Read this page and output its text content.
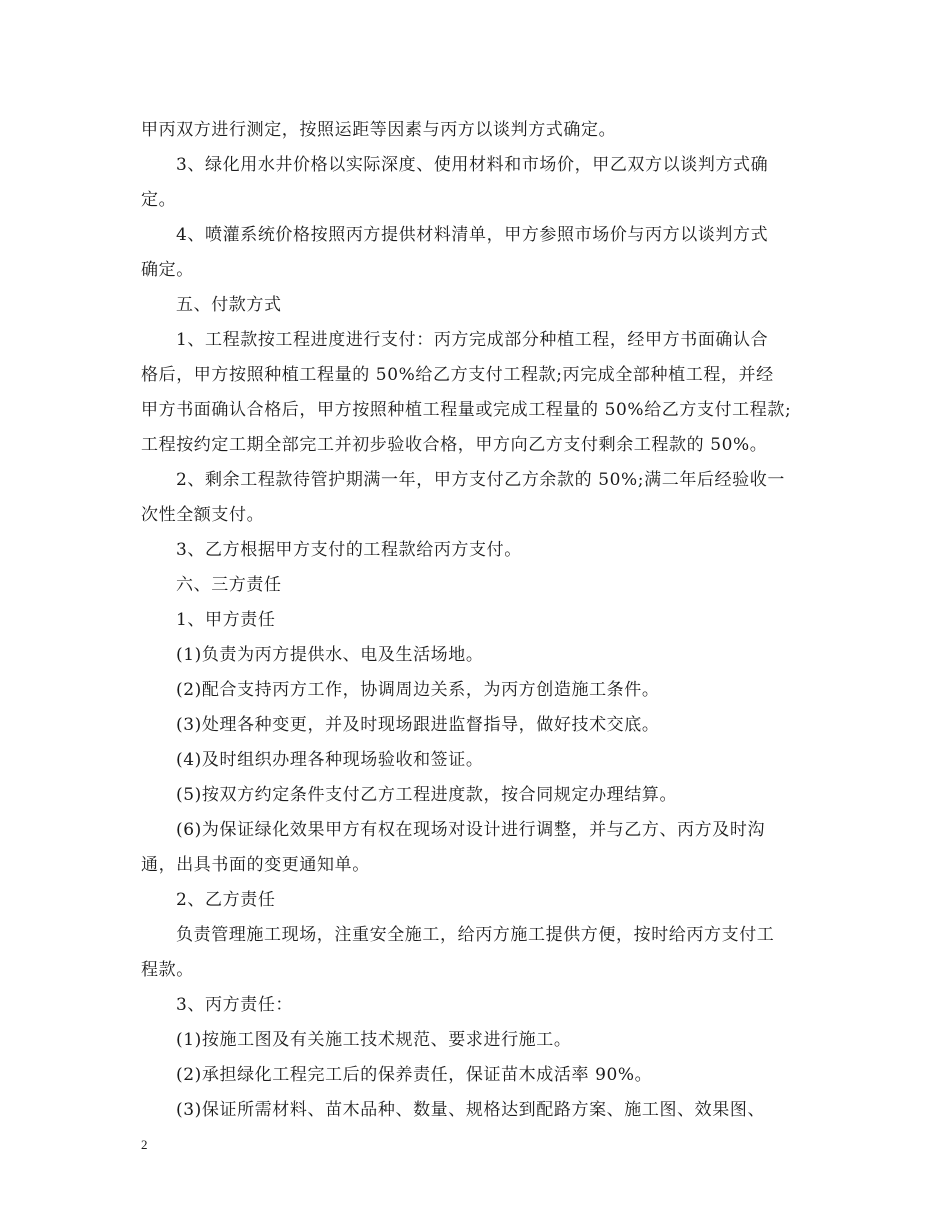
甲丙双方进行测定，按照运距等因素与丙方以谈判方式确定。
3、绿化用水井价格以实际深度、使用材料和市场价，甲乙双方以谈判方式确
定。
4、喷灌系统价格按照丙方提供材料清单，甲方参照市场价与丙方以谈判方式
确定。
五、付款方式
1、工程款按工程进度进行支付：丙方完成部分种植工程，经甲方书面确认合
格后，甲方按照种植工程量的 50%给乙方支付工程款;丙完成全部种植工程，并经
甲方书面确认合格后，甲方按照种植工程量或完成工程量的 50%给乙方支付工程款;
工程按约定工期全部完工并初步验收合格，甲方向乙方支付剩余工程款的 50%。
2、剩余工程款待管护期满一年，甲方支付乙方余款的 50%;满二年后经验收一
次性全额支付。
3、乙方根据甲方支付的工程款给丙方支付。
六、三方责任
1、甲方责任
(1)负责为丙方提供水、电及生活场地。
(2)配合支持丙方工作，协调周边关系，为丙方创造施工条件。
(3)处理各种变更，并及时现场跟进监督指导，做好技术交底。
(4)及时组织办理各种现场验收和签证。
(5)按双方约定条件支付乙方工程进度款，按合同规定办理结算。
(6)为保证绿化效果甲方有权在现场对设计进行调整，并与乙方、丙方及时沟
通，出具书面的变更通知单。
2、乙方责任
负责管理施工现场，注重安全施工，给丙方施工提供方便，按时给丙方支付工
程款。
3、丙方责任：
(1)按施工图及有关施工技术规范、要求进行施工。
(2)承担绿化工程完工后的保养责任，保证苗木成活率 90%。
(3)保证所需材料、苗木品种、数量、规格达到配路方案、施工图、效果图、
2
